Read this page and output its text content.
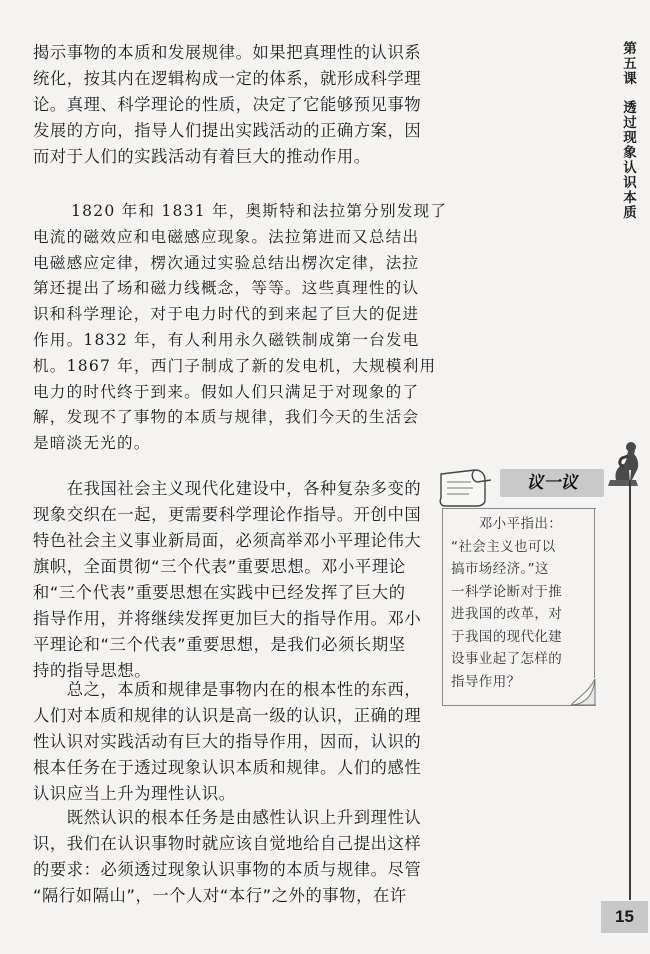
揭示事物的本质和发展规律。如果把真理性的认识系
统化，按其内在逻辑构成一定的体系，就形成科学理
论。真理、科学理论的性质，决定了它能够预见事物
发展的方向，指导人们提出实践活动的正确方案，因
而对于人们的实践活动有着巨大的推动作用。
1820 年和 1831 年，奥斯特和法拉第分别发现了
电流的磁效应和电磁感应现象。法拉第进而又总结出
电磁感应定律，楞次通过实验总结出楞次定律，法拉
第还提出了场和磁力线概念，等等。这些真理性的认
识和科学理论，对于电力时代的到来起了巨大的促进
作用。1832 年，有人利用永久磁铁制成第一台发电
机。1867 年，西门子制成了新的发电机，大规模利用
电力的时代终于到来。假如人们只满足于对现象的了
解，发现不了事物的本质与规律，我们今天的生活会
是暗淡无光的。
　　在我国社会主义现代化建设中，各种复杂多变的
现象交织在一起，更需要科学理论作指导。开创中国
特色社会主义事业新局面，必须高举邓小平理论伟大
旗帜，全面贯彻“三个代表”重要思想。邓小平理论
和“三个代表”重要思想在实践中已经发挥了巨大的
指导作用，并将继续发挥更加巨大的指导作用。邓小
平理论和“三个代表”重要思想，是我们必须长期坚
持的指导思想。
　　总之，本质和规律是事物内在的根本性的东西，
人们对本质和规律的认识是高一级的认识，正确的理
性认识对实践活动有巨大的指导作用，因而，认识的
根本任务在于透过现象认识本质和规律。人们的感性
认识应当上升为理性认识。
　　既然认识的根本任务是由感性认识上升到理性认
识，我们在认识事物时就应该自觉地给自己提出这样
的要求：必须透过现象认识事物的本质与规律。尽管
“隔行如隔山”，一个人对“本行”之外的事物，在许
第
五
课
透
过
现
象
认
识
本
质
议一议
　　邓小平指出：
“社会主义也可以
搞市场经济。”这
一科学论断对于推
进我国的改革，对
于我国的现代化建
设事业起了怎样的
指导作用？
15
